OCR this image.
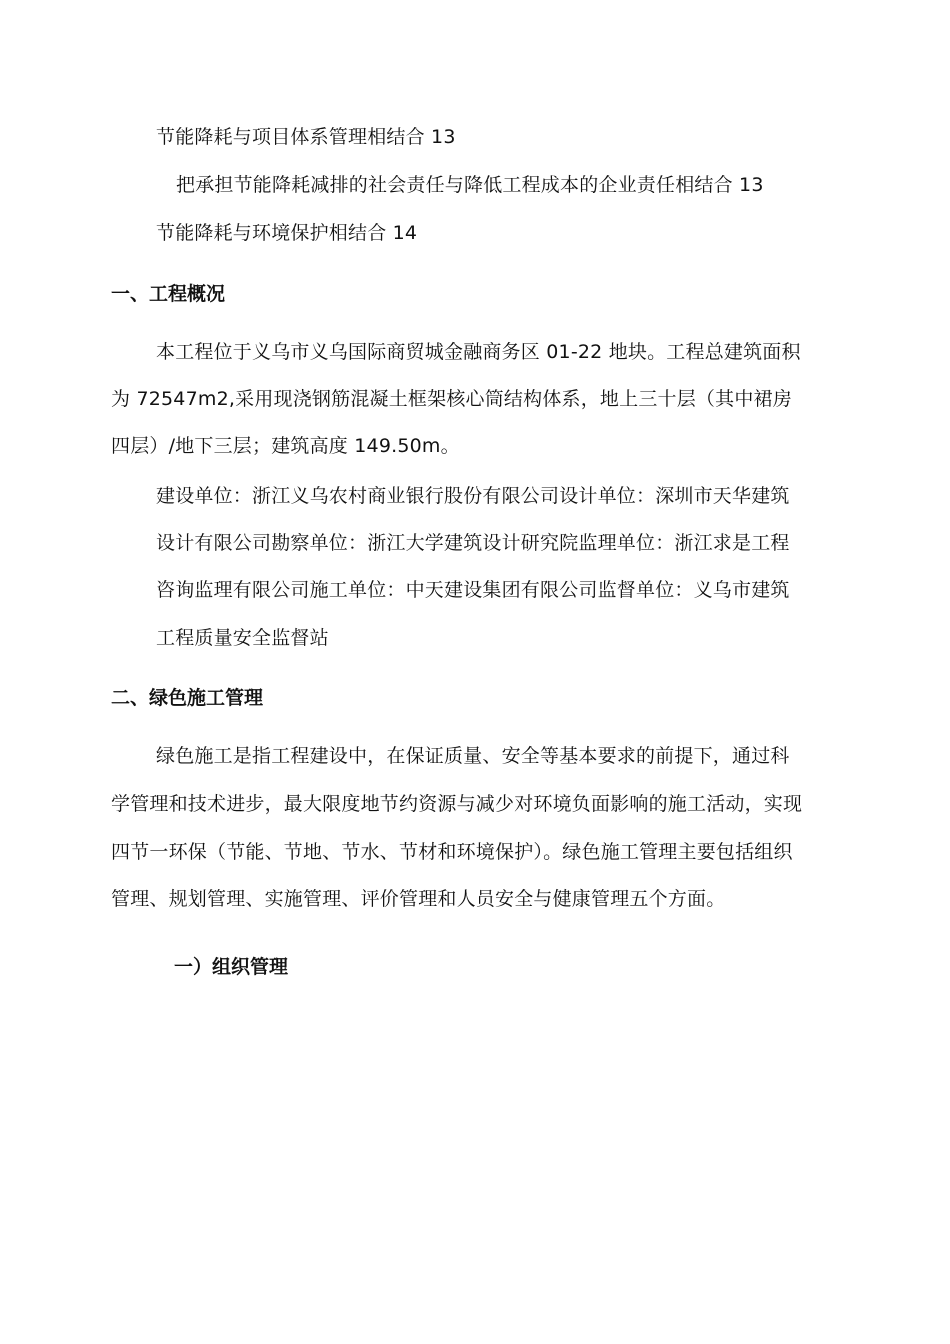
节能降耗与项目体系管理相结合 13
把承担节能降耗减排的社会责任与降低工程成本的企业责任相结合 13
节能降耗与环境保护相结合 14
一、工程概况
本工程位于义乌市义乌国际商贸城金融商务区 01-22 地块。工程总建筑面积
为 72547m2,采用现浇钢筋混凝土框架核心筒结构体系，地上三十层（其中裙房
四层）/地下三层；建筑高度 149.50m。
建设单位：浙江义乌农村商业银行股份有限公司设计单位：深圳市天华建筑
设计有限公司勘察单位：浙江大学建筑设计研究院监理单位：浙江求是工程
咨询监理有限公司施工单位：中天建设集团有限公司监督单位：义乌市建筑
工程质量安全监督站
二、绿色施工管理
绿色施工是指工程建设中，在保证质量、安全等基本要求的前提下，通过科
学管理和技术进步，最大限度地节约资源与减少对环境负面影响的施工活动，实现
四节一环保（节能、节地、节水、节材和环境保护）。绿色施工管理主要包括组织
管理、规划管理、实施管理、评价管理和人员安全与健康管理五个方面。
一）组织管理
